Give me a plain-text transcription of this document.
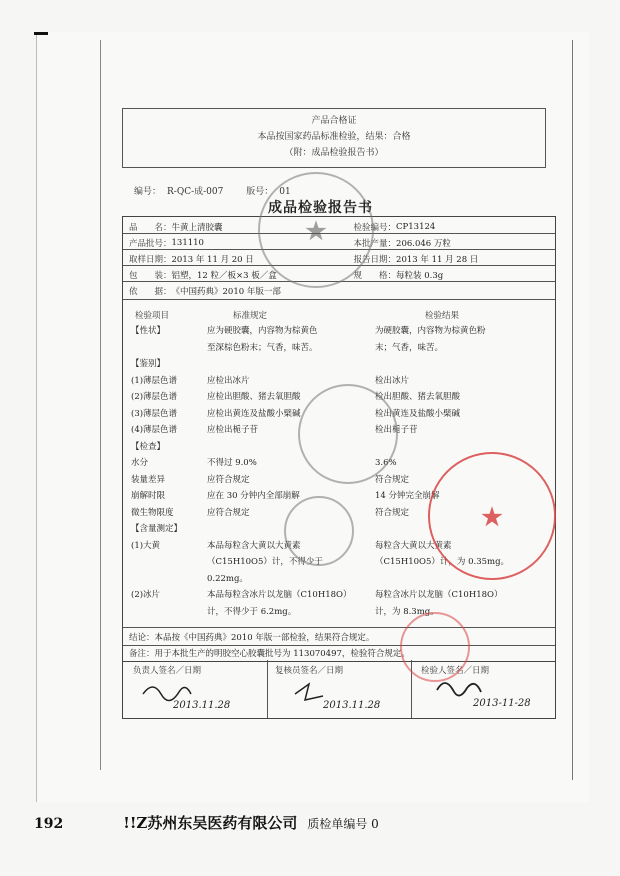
产品合格证
本品按国家药品标准检验，结果：合格
（附：成品检验报告书）
编号： R-QC-成-007	版号： 01
成品检验报告书
品　　名： 牛黄上清胶囊	检验编号： CP13124
产品批号： 131110	本批产量： 206.046 万粒
取样日期： 2013 年 11 月 20 日	报告日期： 2013 年 11 月 28 日
包　　装： 铝塑，12 粒／板×3 板／盒	规　　格： 每粒装 0.3g
依　　据： 《中国药典》2010 年版一部
检验项目	标准规定	检验结果
【性状】	应为硬胶囊，内容物为棕黄色	为硬胶囊，内容物为棕黄色粉
至深棕色粉末；气香，味苦。	末；气香，味苦。
【鉴别】
(1)薄层色谱	应检出冰片	检出冰片
(2)薄层色谱	应检出胆酸、猪去氧胆酸	检出胆酸、猪去氧胆酸
(3)薄层色谱	应检出黄连及盐酸小檗碱	检出黄连及盐酸小檗碱
(4)薄层色谱	应检出栀子苷	检出栀子苷
【检查】
水分	不得过 9.0%	3.6%
装量差异	应符合规定	符合规定
崩解时限	应在 30 分钟内全部崩解	14 分钟完全崩解
微生物限度	应符合规定	符合规定
【含量测定】
(1)大黄	本品每粒含大黄以大黄素	每粒含大黄以大黄素
（C15H10O5）计，不得少于	（C15H10O5）计，为 0.35mg。
0.22mg。
(2)冰片	本品每粒含冰片以龙脑（C10H18O）	每粒含冰片以龙脑（C10H18O）
计，不得少于 6.2mg。	计，为 8.3mg。
结论： 本品按《中国药典》2010 年版一部检验，结果符合规定。
备注： 用于本批生产的明胶空心胶囊批号为 113070497，检验符合规定。
负责人签名／日期	复核员签名／日期	检验人签名／日期
2013.11.28	2013.11.28	2013-11-28
★
★
192	!!Z苏州东吴医药有限公司 质检单编号 0
